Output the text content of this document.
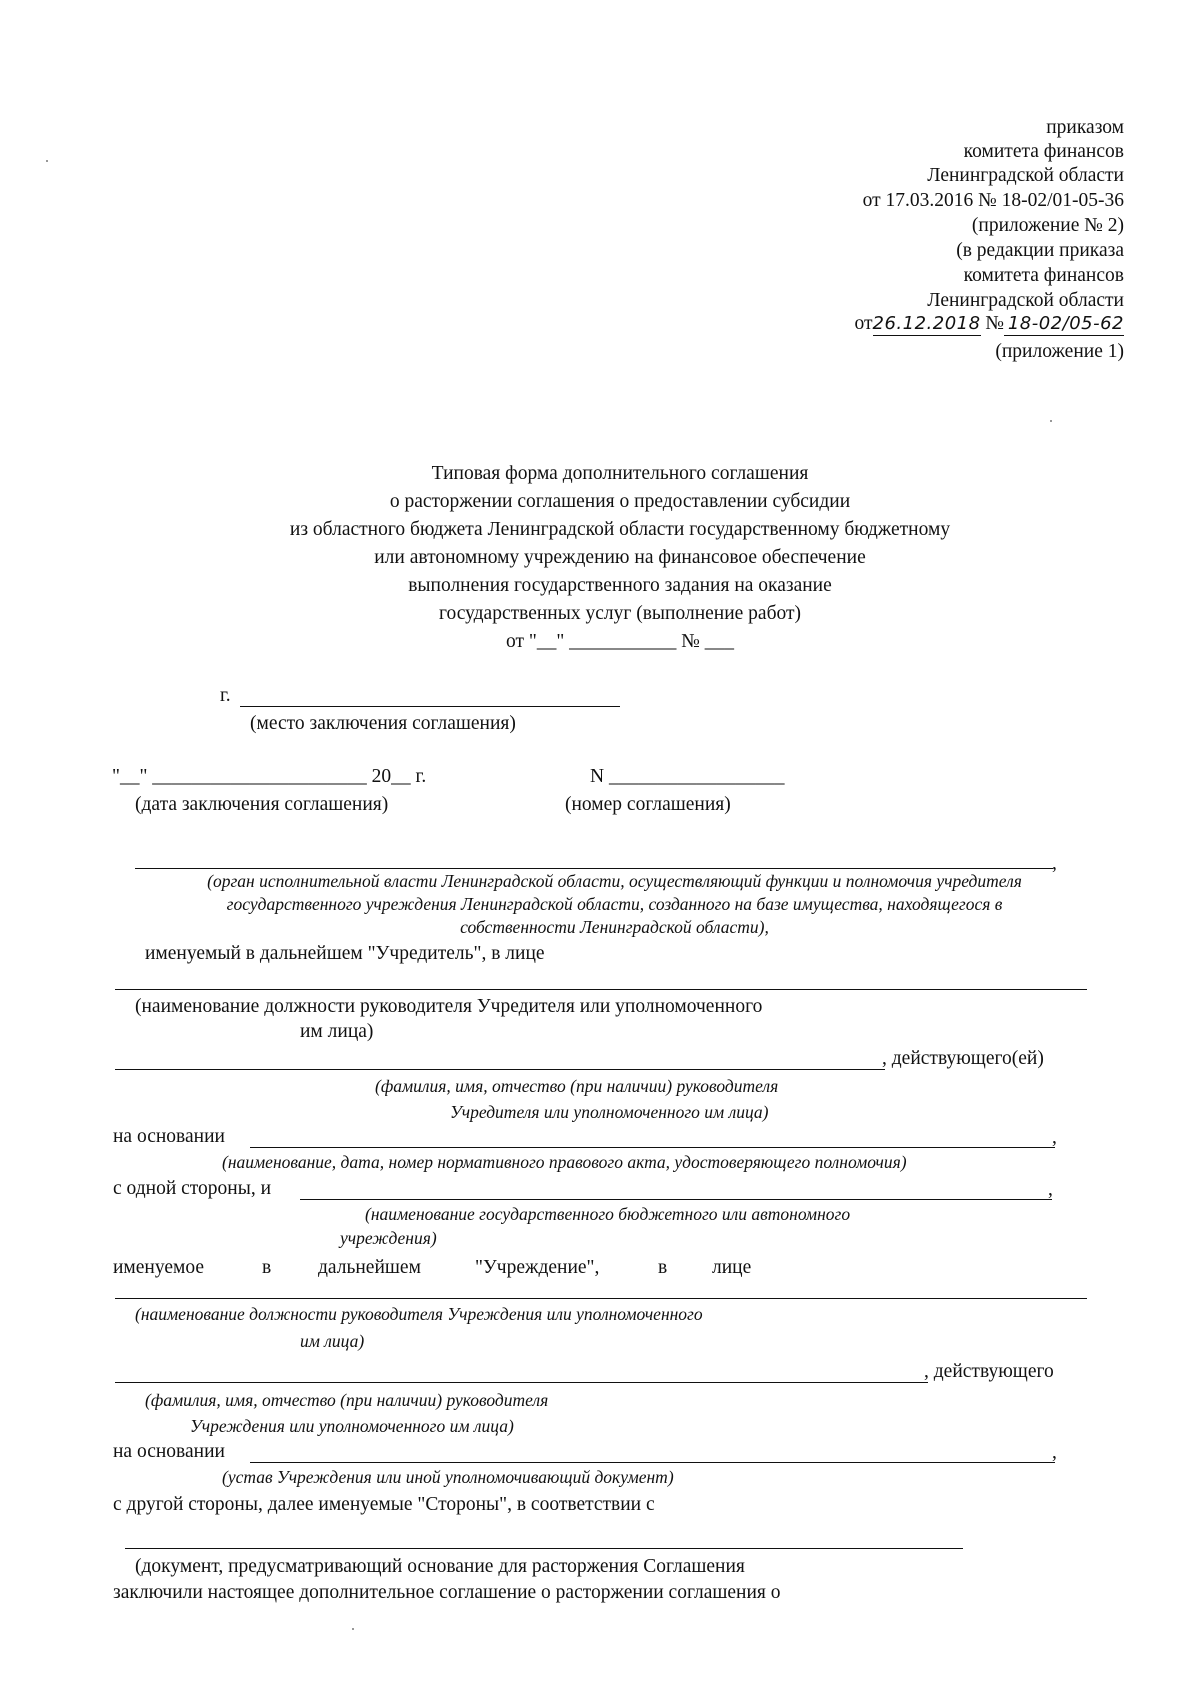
приказом
комитета финансов
Ленинградской области
от 17.03.2016 № 18-02/01-05-36
(приложение № 2)
(в редакции приказа
комитета финансов
Ленинградской области
от26.12.2018 № 18-02/05-62
(приложение 1)
Типовая форма дополнительного соглашения
о расторжении соглашения о предоставлении субсидии
из областного бюджета Ленинградской области государственному бюджетному
или автономному учреждению на финансовое обеспечение
выполнения государственного задания на оказание
государственных услуг (выполнение работ)
от "__" ___________ № ___
г.
(место заключения соглашения)
"__" ______________________ 20__ г.	N __________________
(дата заключения соглашения)	(номер соглашения)
,
(орган исполнительной власти Ленинградской области, осуществляющий функции и полномочия учредителя
государственного учреждения Ленинградской области, созданного на базе имущества, находящегося в
собственности Ленинградской области),
именуемый в дальнейшем "Учредитель", в лице
(наименование должности руководителя Учредителя или уполномоченного
им лица)
, действующего(ей)
(фамилия, имя, отчество (при наличии) руководителя
Учредителя или уполномоченного им лица)
на основании	,
(наименование, дата, номер нормативного правового акта, удостоверяющего полномочия)
с одной стороны, и	,
(наименование государственного бюджетного или автономного
учреждения)
именуемое	в дальнейшем	"Учреждение",	в лице
(наименование должности руководителя Учреждения или уполномоченного
им лица)
, действующего
(фамилия, имя, отчество (при наличии) руководителя
Учреждения или уполномоченного им лица)
на основании	,
(устав Учреждения или иной уполномочивающий документ)
с другой стороны, далее именуемые "Стороны", в соответствии с
(документ, предусматривающий основание для расторжения Соглашения
заключили настоящее дополнительное соглашение о расторжении соглашения о
